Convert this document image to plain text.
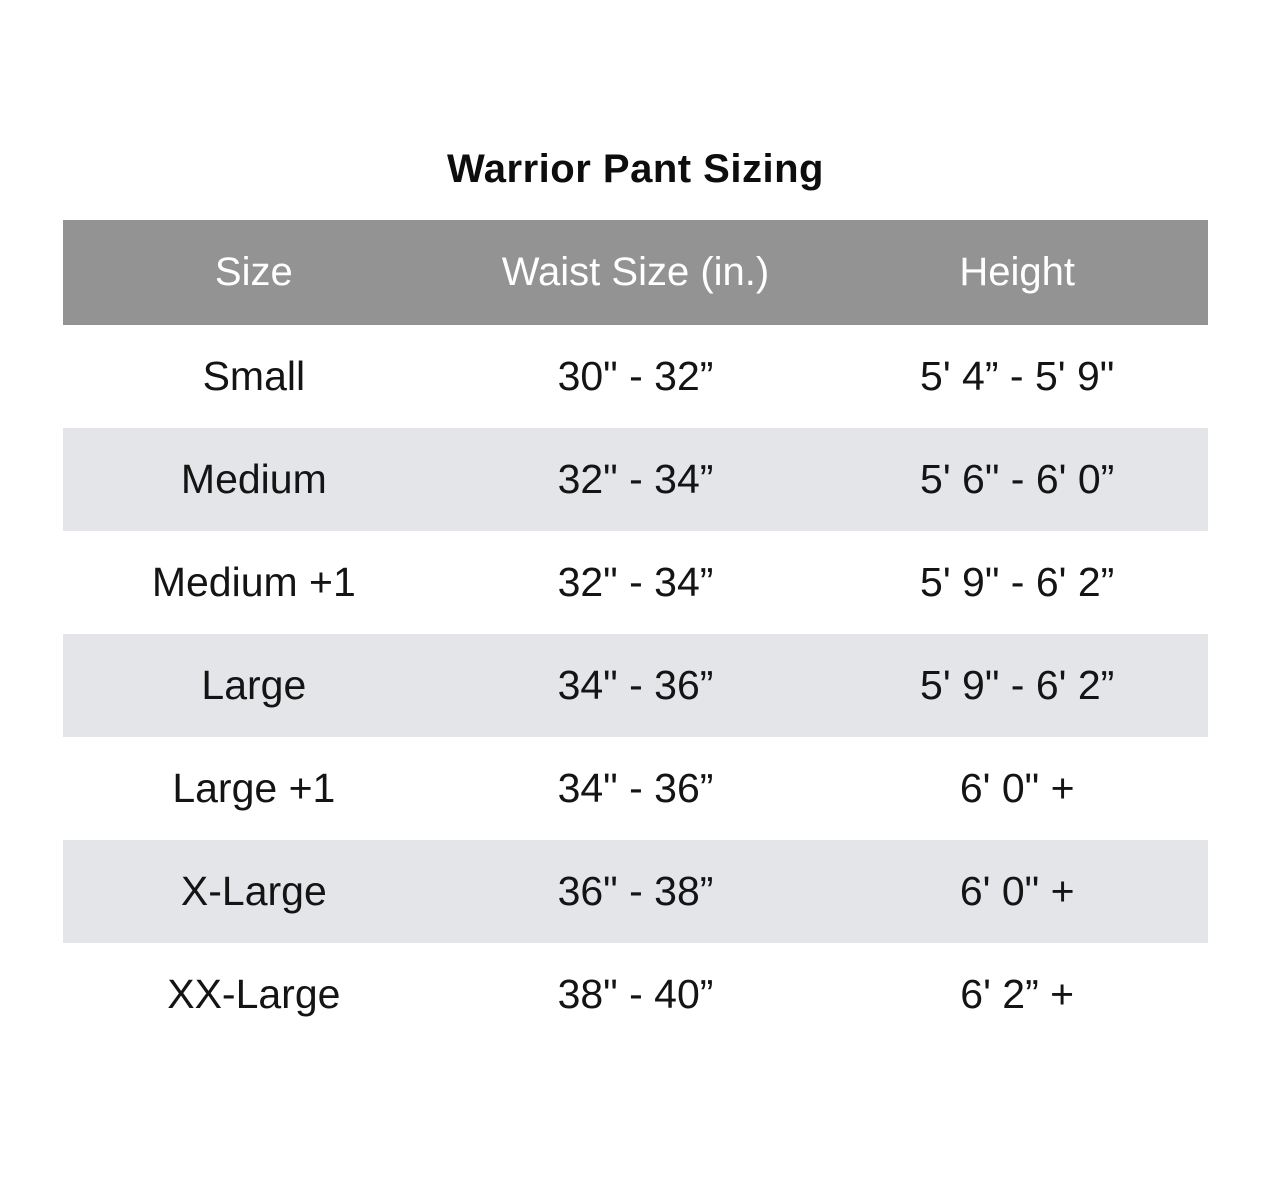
Warrior Pant Sizing
Size	Waist Size (in.)	Height
Small	30" - 32”	5' 4” - 5' 9"
Medium	32" - 34”	5' 6" - 6' 0”
Medium +1	32" - 34”	5' 9" - 6' 2”
Large	34" - 36”	5' 9" - 6' 2”
Large +1	34" - 36”	6' 0" +
X-Large	36" - 38”	6' 0" +
XX-Large	38" - 40”	6' 2” +
